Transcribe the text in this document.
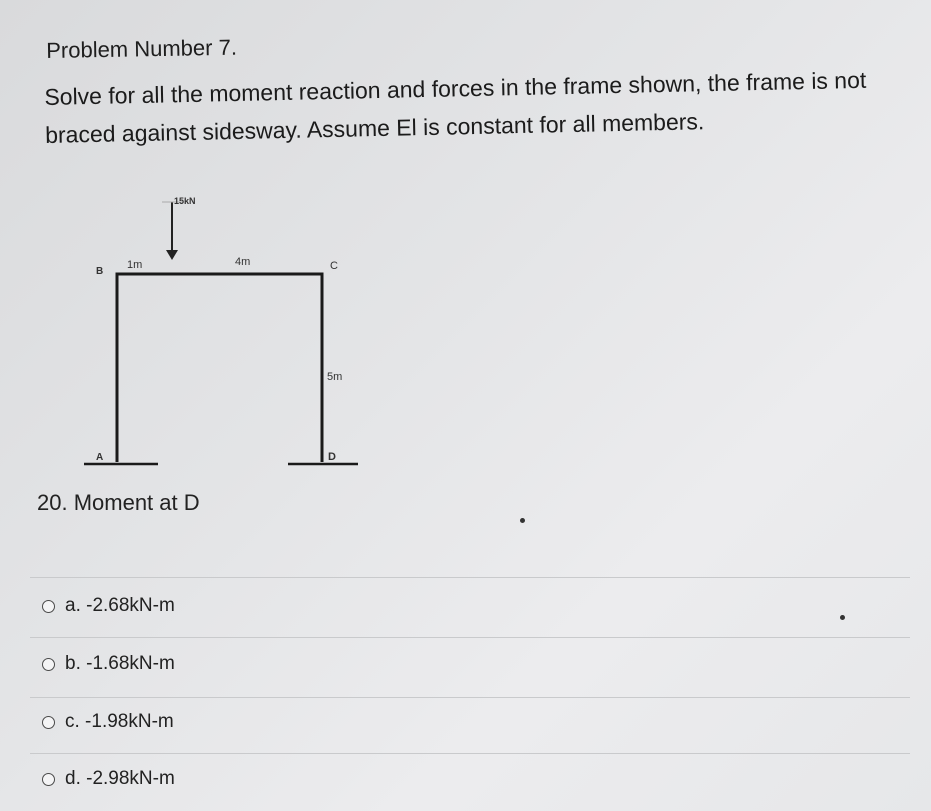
Problem Number 7.
Solve for all the moment reaction and forces in the frame shown, the frame is not braced against sidesway. Assume El is constant for all members.
15kN
B
1m	4m	C
5m
A	D
20. Moment at D
a. -2.68kN-m
b. -1.68kN-m
c. -1.98kN-m
d. -2.98kN-m
